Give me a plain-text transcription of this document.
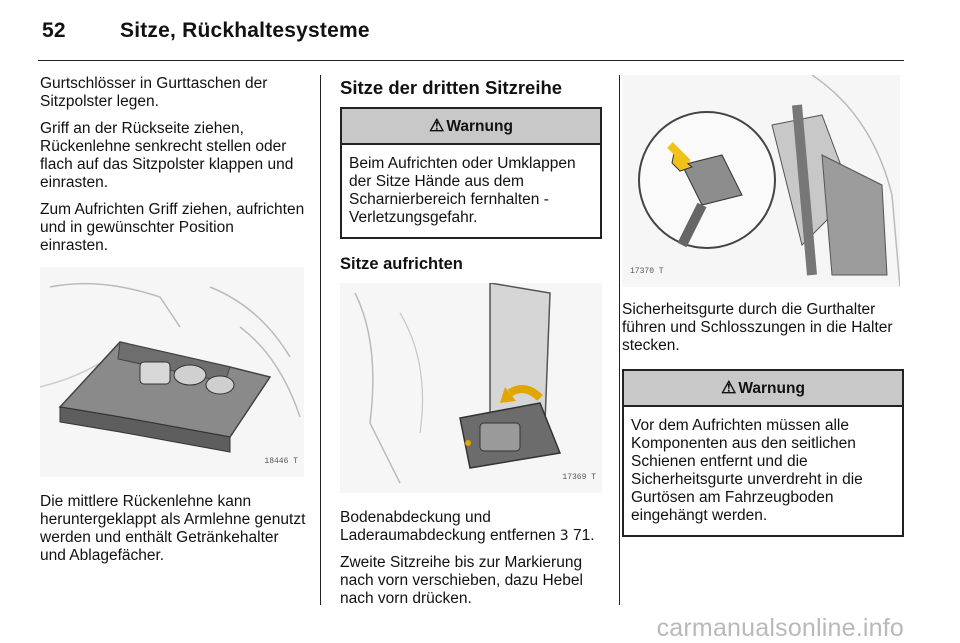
52	Sitze, Rückhaltesysteme

Gurtschlösser in Gurttaschen der Sitzpolster legen.

Griff an der Rückseite ziehen, Rückenlehne senkrecht stellen oder flach auf das Sitzpolster klappen und einrasten.

Zum Aufrichten Griff ziehen, aufrichten und in gewünschter Position einrasten.

18446 T

Die mittlere Rückenlehne kann heruntergeklappt als Armlehne genutzt werden und enthält Getränkehalter und Ablagefächer.

Sitze der dritten Sitzreihe
⚠ Warnung
Beim Aufrichten oder Umklappen der Sitze Hände aus dem Scharnierbereich fernhalten - Verletzungsgefahr.
Sitze aufrichten
17369 T

Bodenabdeckung und Laderaumabdeckung entfernen 3 71.

Zweite Sitzreihe bis zur Markierung nach vorn verschieben, dazu Hebel nach vorn drücken.

17370 T

Sicherheitsgurte durch die Gurthalter führen und Schlosszungen in die Halter stecken.

⚠ Warnung
Vor dem Aufrichten müssen alle Komponenten aus den seitlichen Schienen entfernt und die Sicherheitsgurte unverdreht in die Gurtösen am Fahrzeugboden eingehängt werden.
carmanualsonline.info
